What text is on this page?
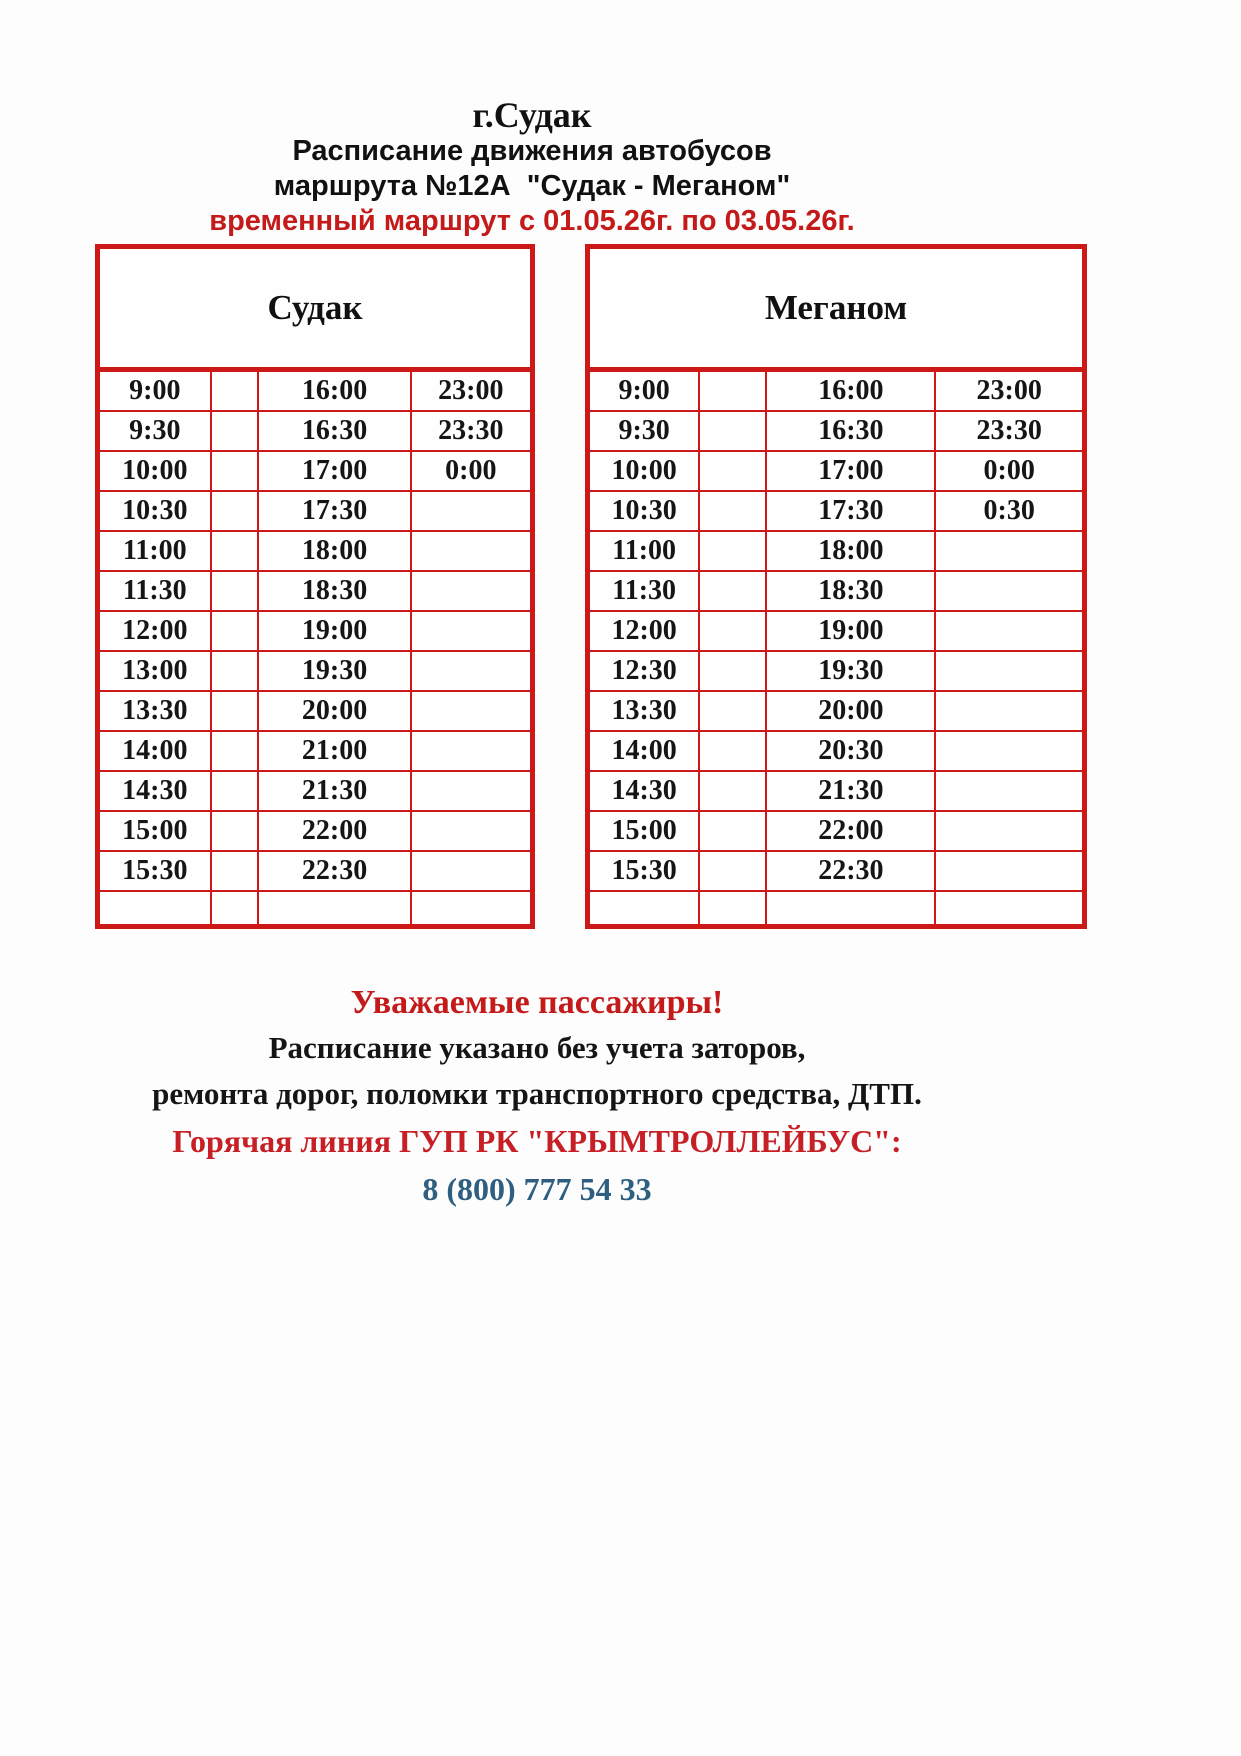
г.Судак
Расписание движения автобусов
маршрута №12А  "Судак - Меганом"
временный маршрут с 01.05.26г. по 03.05.26г.
Судак			
9:00		16:00	23:00
9:30		16:30	23:30
10:00		17:00	0:00
10:30		17:30	
11:00		18:00	
11:30		18:30	
12:00		19:00	
13:00		19:30	
13:30		20:00	
14:00		21:00	
14:30		21:30	
15:00		22:00	
15:30		22:30	

Меганом			
9:00		16:00	23:00
9:30		16:30	23:30
10:00		17:00	0:00
10:30		17:30	0:30
11:00		18:00	
11:30		18:30	
12:00		19:00	
12:30		19:30	
13:30		20:00	
14:00		20:30	
14:30		21:30	
15:00		22:00	
15:30		22:30	

Уважаемые пассажиры!
Расписание указано без учета заторов,
ремонта дорог, поломки транспортного средства, ДТП.
Горячая линия ГУП РК "КРЫМТРОЛЛЕЙБУС":
8 (800) 777 54 33
